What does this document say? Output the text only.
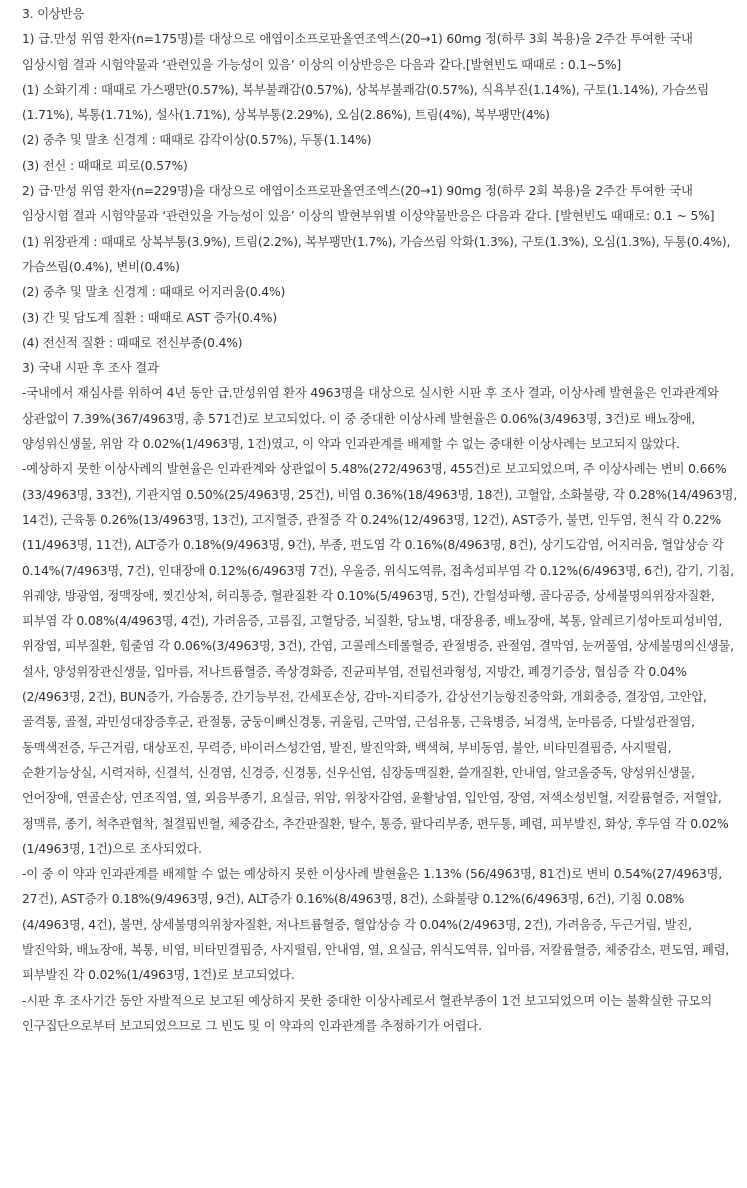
3. 이상반응

1) 급.만성 위염 환자(n=175명)를 대상으로 애엽이소프로판올연조엑스(20→1) 60mg 정(하루 3회 복용)을 2주간 투여한 국내 임상시험 결과 시험약물과 ‘관련있을 가능성이 있음’ 이상의 이상반응은 다음과 같다.[발현빈도 때때로 : 0.1~5%]

(1) 소화기계 : 때때로 가스팽만(0.57%), 복부불쾌감(0.57%), 상복부불쾌감(0.57%), 식욕부진(1.14%), 구토(1.14%), 가슴쓰림(1.71%), 복통(1.71%), 설사(1.71%), 상복부통(2.29%), 오심(2.86%), 트림(4%), 복부팽만(4%)

(2) 중추 및 말초 신경계 : 때때로 감각이상(0.57%), 두통(1.14%)

(3) 전신 : 때때로 피로(0.57%)

2) 급·만성 위염 환자(n=229명)을 대상으로 애엽이소프로판올연조엑스(20→1) 90mg 정(하루 2회 복용)을 2주간 투여한 국내 임상시험 결과 시험약물과 ‘관련있을 가능성이 있음’ 이상의 발현부위별 이상약물반응은 다음과 같다. [발현빈도 때때로: 0.1 ~ 5%]

(1) 위장관계 : 때때로 상복부통(3.9%), 트림(2.2%), 복부팽만(1.7%), 가슴쓰림 악화(1.3%), 구토(1.3%), 오심(1.3%), 두통(0.4%), 가슴쓰림(0.4%), 변비(0.4%)

(2) 중추 및 말초 신경계 : 때때로 어지러움(0.4%)

(3) 간 및 담도계 질환 : 때때로 AST 증가(0.4%)

(4) 전신적 질환 : 때때로 전신부종(0.4%)

3) 국내 시판 후 조사 결과

-국내에서 재심사를 위하여 4년 동안 급.만성위염 환자 4963명을 대상으로 실시한 시판 후 조사 결과, 이상사례 발현율은 인과관계와 상관없이 7.39%(367/4963명, 총 571건)로 보고되었다. 이 중 중대한 이상사례 발현율은 0.06%(3/4963명, 3건)로 배뇨장애, 양성위신생물, 위암 각 0.02%(1/4963명, 1건)였고, 이 약과 인과관계를 배제할 수 없는 중대한 이상사례는 보고되지 않았다.

-예상하지 못한 이상사례의 발현율은 인과관계와 상관없이 5.48%(272/4963명, 455건)로 보고되었으며, 주 이상사례는 변비 0.66%(33/4963명, 33건), 기관지염 0.50%(25/4963명, 25건), 비염 0.36%(18/4963명, 18건), 고혈압, 소화불량, 각 0.28%(14/4963명, 14건), 근육통 0.26%(13/4963명, 13건), 고지혈증, 관절증 각 0.24%(12/4963명, 12건), AST증가, 불면, 인두염, 천식 각 0.22%(11/4963명, 11건), ALT증가 0.18%(9/4963명, 9건), 부종, 편도염 각 0.16%(8/4963명, 8건), 상기도감염, 어지러움, 혈압상승 각 0.14%(7/4963명, 7건), 인대장애 0.12%(6/4963명 7건), 우울증, 위식도역류, 접촉성피부염 각 0.12%(6/4963명, 6건), 감기, 기침, 위궤양, 방광염, 정맥장애, 찢긴상처, 허리통증, 혈관질환 각 0.10%(5/4963명, 5건), 간헐성파행, 골다공증, 상세불명의위장자질환, 피부염 각 0.08%(4/4963명, 4건), 가려움증, 고름집, 고혈당증, 뇌질환, 당뇨병, 대장용종, 배뇨장애, 복통, 알레르기성아토피성비염, 위장염, 피부질환, 힘줄염 각 0.06%(3/4963명, 3건), 간염, 고콜레스테롤혈증, 관절병증, 관절염, 결막염, 눈꺼풀염, 상세불명의신생물, 설사, 양성위장관신생물, 입마름, 저나트륨혈증, 족상경화증, 진균피부염, 전립선과형성, 지방간, 폐경기증상, 협심증 각 0.04%(2/4963명, 2건), BUN증가, 가슴통증, 간기능부전, 간세포손상, 감마-지티증가, 갑상선기능항진중악화, 개회충증, 결장염, 고안압, 골격통, 골절, 과민성대장증후군, 관절통, 궁둥이뼈신경통, 귀울림, 근막염, 근섬유통, 근육병증, 뇌경색, 눈마름증, 다발성관절염, 동맥색전증, 두근거림, 대상포진, 무력증, 바이러스성간염, 발진, 발진악화, 백색혀, 부비동염, 불안, 비타민결핍증, 사지떨림, 순환기능상실, 시력저하, 신결석, 신경염, 신경증, 신경통, 신우신염, 심장동맥질환, 쓸개질환, 안내염, 알코올중독, 양성위신생물, 언어장애, 연골손상, 연조직염, 열, 외음부종기, 요실금, 위암, 위창자감염, 윤활낭염, 입안염, 장염, 저색소성빈혈, 저칼륨혈증, 저혈압, 정맥류, 종기, 척추관협착, 철결핍빈혈, 체중감소, 추간판질환, 탈수, 통증, 팔다리부종, 편두통, 폐렴, 피부발진, 화상, 후두염 각 0.02%(1/4963명, 1건)으로 조사되었다.

-이 중 이 약과 인과관계를 배제할 수 없는 예상하지 못한 이상사례 발현율은 1.13% (56/4963명, 81건)로 변비 0.54%(27/4963명, 27건), AST증가 0.18%(9/4963명, 9건), ALT증가 0.16%(8/4963명, 8건), 소화불량 0.12%(6/4963명, 6건), 기침 0.08%(4/4963명, 4건), 불면, 상세불명의위창자질환, 저나트륨혈증, 혈압상승 각 0.04%(2/4963명, 2건), 가려움증, 두근거림, 발진, 발진악화, 배뇨장애, 복통, 비염, 비타민결핍증, 사지떨림, 안내염, 열, 요실금, 위식도역류, 입마름, 저칼륨혈증, 체중감소, 편도염, 폐렴, 피부발진 각 0.02%(1/4963명, 1건)로 보고되었다.

-시판 후 조사기간 동안 자발적으로 보고된 예상하지 못한 중대한 이상사례로서 혈관부종이 1건 보고되었으며 이는 불확실한 규모의 인구집단으로부터 보고되었으므로 그 빈도 및 이 약과의 인과관계를 추정하기가 어렵다.
